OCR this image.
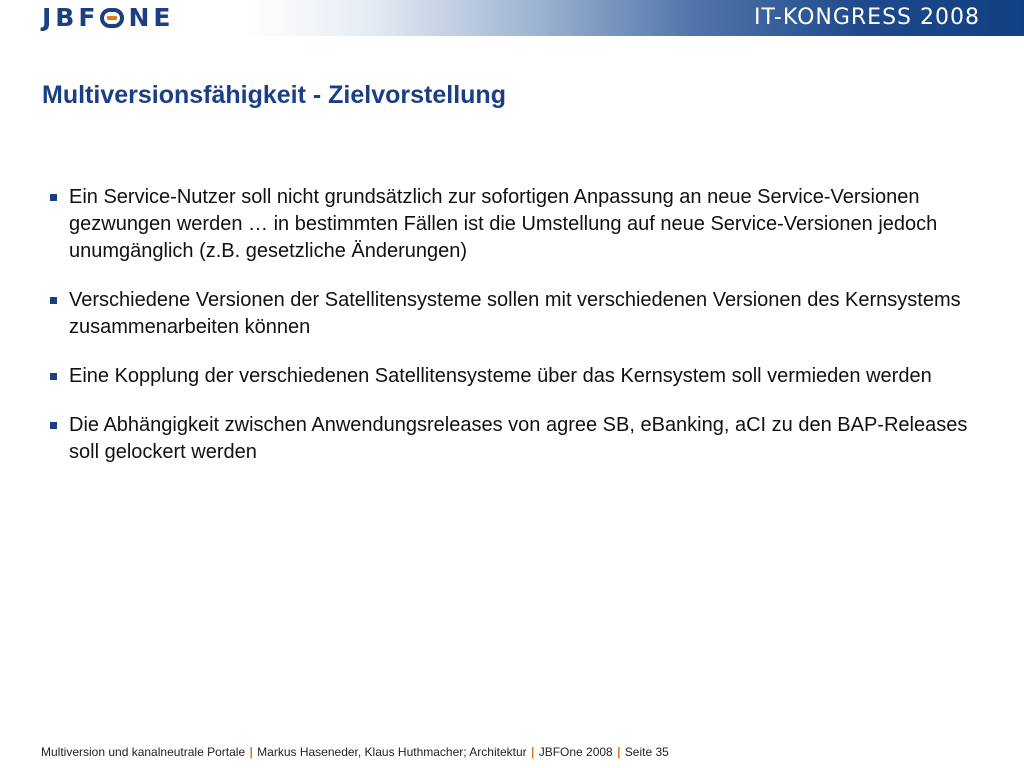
JBF NE	IT-KONGRESS 2008
Multiversionsfähigkeit - Zielvorstellung
Ein Service-Nutzer soll nicht grundsätzlich zur sofortigen Anpassung an neue Service-Versionen gezwungen werden … in bestimmten Fällen ist die Umstellung auf neue Service-Versionen jedoch unumgänglich (z.B. gesetzliche Änderungen)
Verschiedene Versionen der Satellitensysteme sollen mit verschiedenen Versionen des Kernsystems zusammenarbeiten können
Eine Kopplung der verschiedenen Satellitensysteme über das Kernsystem soll vermieden werden
Die Abhängigkeit zwischen Anwendungsreleases von agree SB, eBanking, aCI zu den BAP-Releases soll gelockert werden
Multiversion und kanalneutrale Portale | Markus Haseneder, Klaus Huthmacher; Architektur | JBFOne 2008 | Seite 35
